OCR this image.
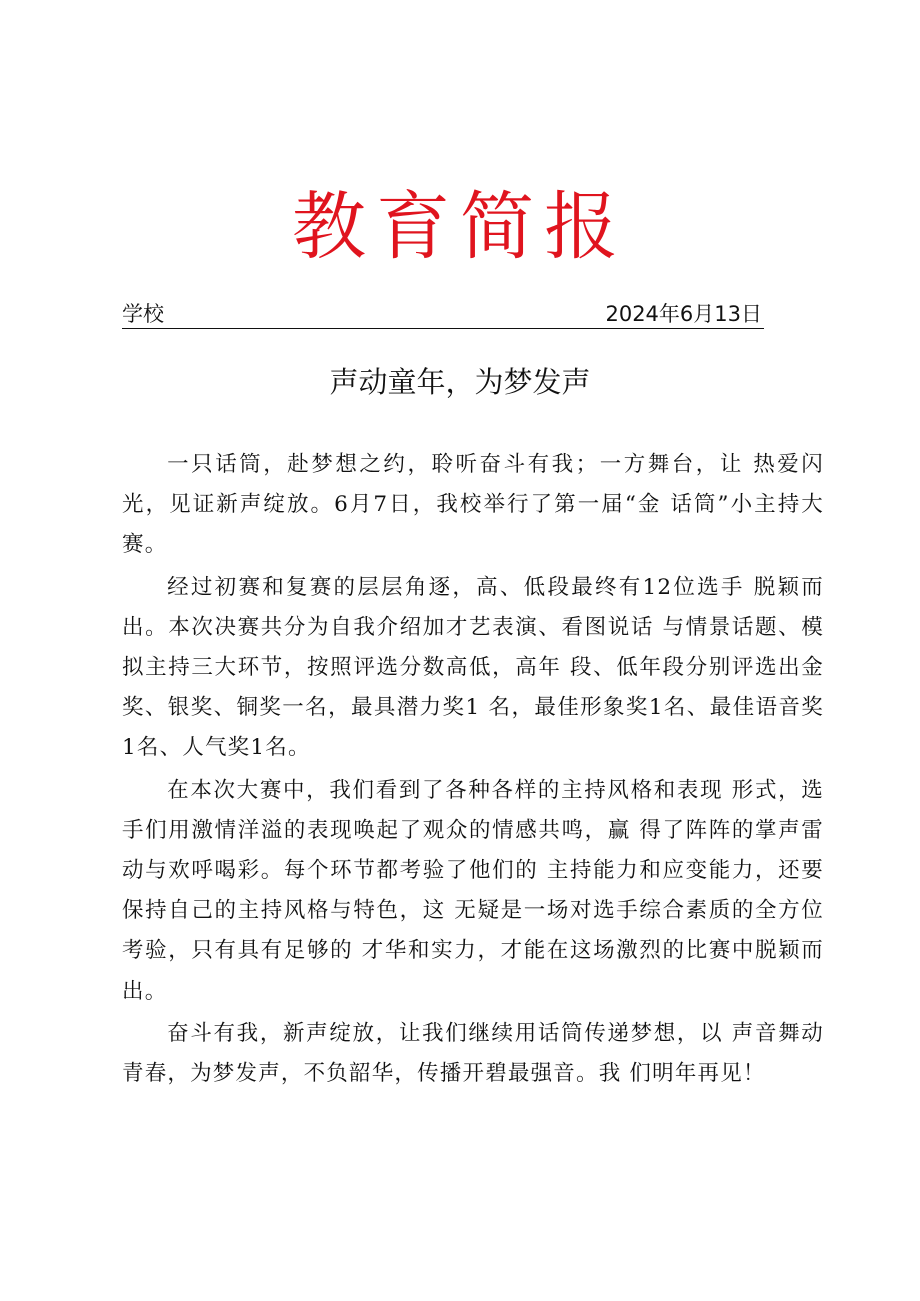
教育简报
学校	2024年6月13日
声动童年，为梦发声

一只话筒，赴梦想之约，聆听奋斗有我；一方舞台，让 热爱闪光，见证新声绽放。6月7日，我校举行了第一届“金 话筒”小主持大赛。

经过初赛和复赛的层层角逐，高、低段最终有12位选手 脱颖而出。本次决赛共分为自我介绍加才艺表演、看图说话 与情景话题、模拟主持三大环节，按照评选分数高低，高年 段、低年段分别评选出金奖、银奖、铜奖一名，最具潜力奖1 名，最佳形象奖1名、最佳语音奖1名、人气奖1名。

在本次大赛中，我们看到了各种各样的主持风格和表现 形式，选手们用激情洋溢的表现唤起了观众的情感共鸣，赢 得了阵阵的掌声雷动与欢呼喝彩。每个环节都考验了他们的 主持能力和应变能力，还要保持自己的主持风格与特色，这 无疑是一场对选手综合素质的全方位考验，只有具有足够的 才华和实力，才能在这场激烈的比赛中脱颖而出。

奋斗有我，新声绽放，让我们继续用话筒传递梦想，以 声音舞动青春，为梦发声，不负韶华，传播开碧最强音。我 们明年再见！
